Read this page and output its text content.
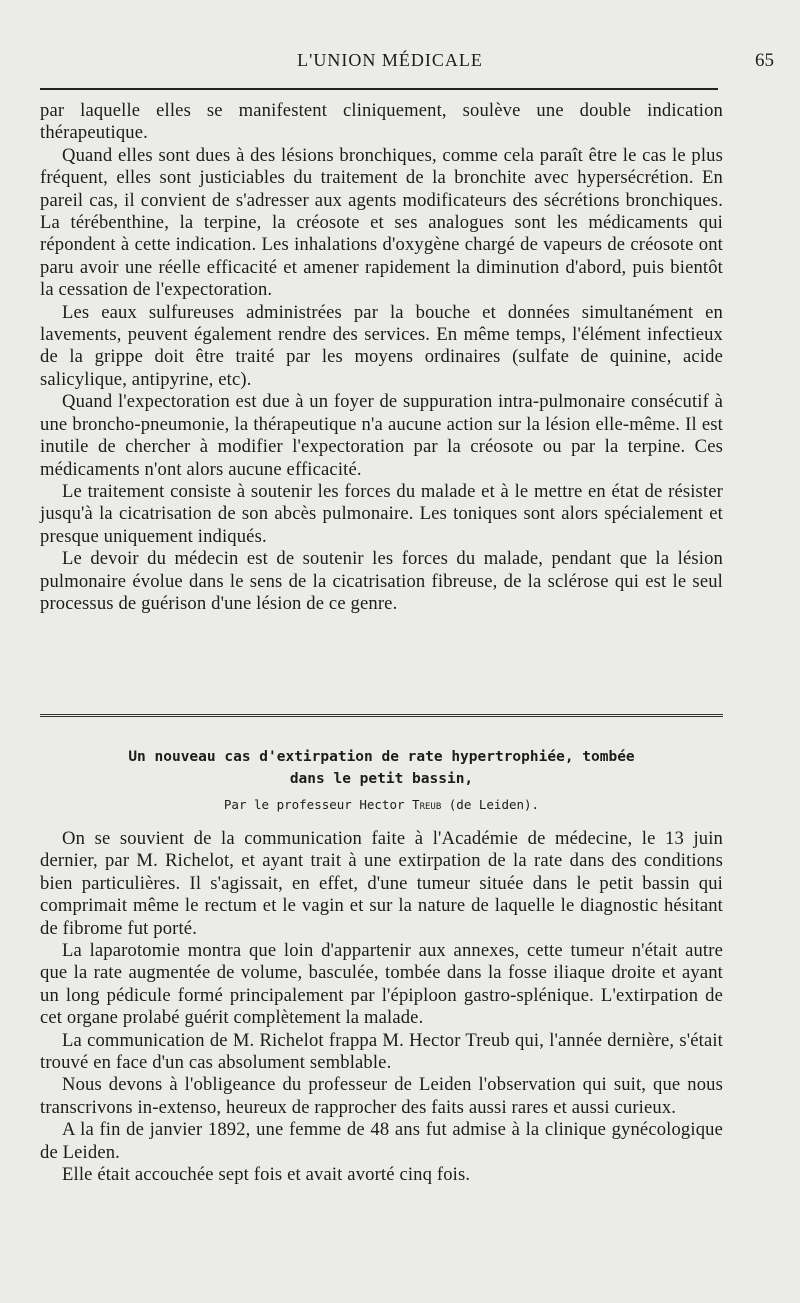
L'UNION MÉDICALE	65

par laquelle elles se manifestent cliniquement, soulève une double indication thérapeutique.

Quand elles sont dues à des lésions bronchiques, comme cela paraît être le cas le plus fréquent, elles sont justiciables du traitement de la bronchite avec hypersécrétion. En pareil cas, il convient de s'adresser aux agents modificateurs des sécrétions bronchiques. La térébenthine, la terpine, la créosote et ses analogues sont les médicaments qui répondent à cette indication. Les inhalations d'oxygène chargé de vapeurs de créosote ont paru avoir une réelle efficacité et amener rapidement la diminution d'abord, puis bientôt la cessation de l'expectoration.

Les eaux sulfureuses administrées par la bouche et données simultanément en lavements, peuvent également rendre des services. En même temps, l'élément infectieux de la grippe doit être traité par les moyens ordinaires (sulfate de quinine, acide salicylique, antipyrine, etc).

Quand l'expectoration est due à un foyer de suppuration intra-pulmonaire consécutif à une broncho-pneumonie, la thérapeutique n'a aucune action sur la lésion elle-même. Il est inutile de chercher à modifier l'expectoration par la créosote ou par la terpine. Ces médicaments n'ont alors aucune efficacité.

Le traitement consiste à soutenir les forces du malade et à le mettre en état de résister jusqu'à la cicatrisation de son abcès pulmonaire. Les toniques sont alors spécialement et presque uniquement indiqués.

Le devoir du médecin est de soutenir les forces du malade, pendant que la lésion pulmonaire évolue dans le sens de la cicatrisation fibreuse, de la sclérose qui est le seul processus de guérison d'une lésion de ce genre.

Un nouveau cas d'extirpation de rate hypertrophiée, tombée
dans le petit bassin,
Par le professeur Hector Treub (de Leiden).

On se souvient de la communication faite à l'Académie de médecine, le 13 juin dernier, par M. Richelot, et ayant trait à une extirpation de la rate dans des conditions bien particulières. Il s'agissait, en effet, d'une tumeur située dans le petit bassin qui comprimait même le rectum et le vagin et sur la nature de laquelle le diagnostic hésitant de fibrome fut porté.

La laparotomie montra que loin d'appartenir aux annexes, cette tumeur n'était autre que la rate augmentée de volume, basculée, tombée dans la fosse iliaque droite et ayant un long pédicule formé principalement par l'épiploon gastro-splénique. L'extirpation de cet organe prolabé guérit complètement la malade.

La communication de M. Richelot frappa M. Hector Treub qui, l'année dernière, s'était trouvé en face d'un cas absolument semblable.

Nous devons à l'obligeance du professeur de Leiden l'observation qui suit, que nous transcrivons in-extenso, heureux de rapprocher des faits aussi rares et aussi curieux.

A la fin de janvier 1892, une femme de 48 ans fut admise à la clinique gynécologique de Leiden.

Elle était accouchée sept fois et avait avorté cinq fois.
